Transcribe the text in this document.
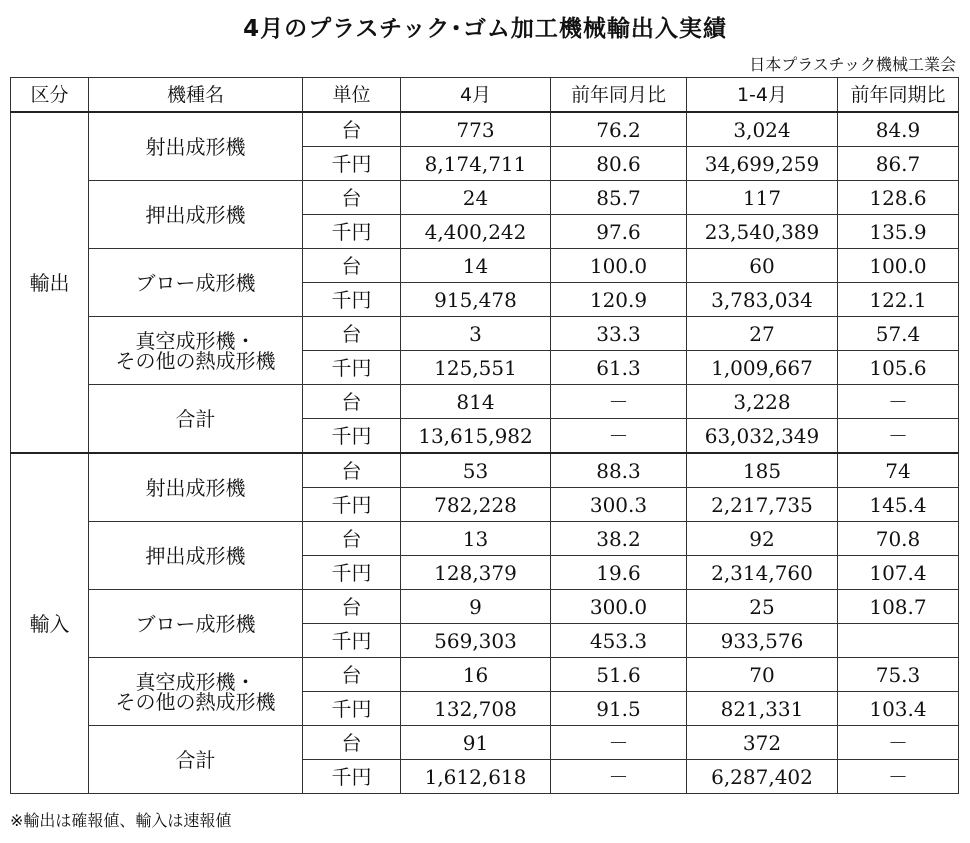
4月のプラスチック･ゴム加工機械輸出入実績
日本プラスチック機械工業会
区分	機種名	単位	4月	前年同月比	1-4月	前年同期比
輸出	射出成形機	台	773	76.2	3,024	84.9
		千円	8,174,711	80.6	34,699,259	86.7
	押出成形機	台	24	85.7	117	128.6
		千円	4,400,242	97.6	23,540,389	135.9
	ブロー成形機	台	14	100.0	60	100.0
		千円	915,478	120.9	3,783,034	122.1
	真空成形機・
その他の熱成形機	台	3	33.3	27	57.4
		千円	125,551	61.3	1,009,667	105.6
	合計	台	814	－	3,228	－
		千円	13,615,982	－	63,032,349	－
輸入	射出成形機	台	53	88.3	185	74
		千円	782,228	300.3	2,217,735	145.4
	押出成形機	台	13	38.2	92	70.8
		千円	128,379	19.6	2,314,760	107.4
	ブロー成形機	台	9	300.0	25	108.7
		千円	569,303	453.3	933,576	
	真空成形機・
その他の熱成形機	台	16	51.6	70	75.3
		千円	132,708	91.5	821,331	103.4
	合計	台	91	－	372	－
		千円	1,612,618	－	6,287,402	－
※輸出は確報値、輸入は速報値
